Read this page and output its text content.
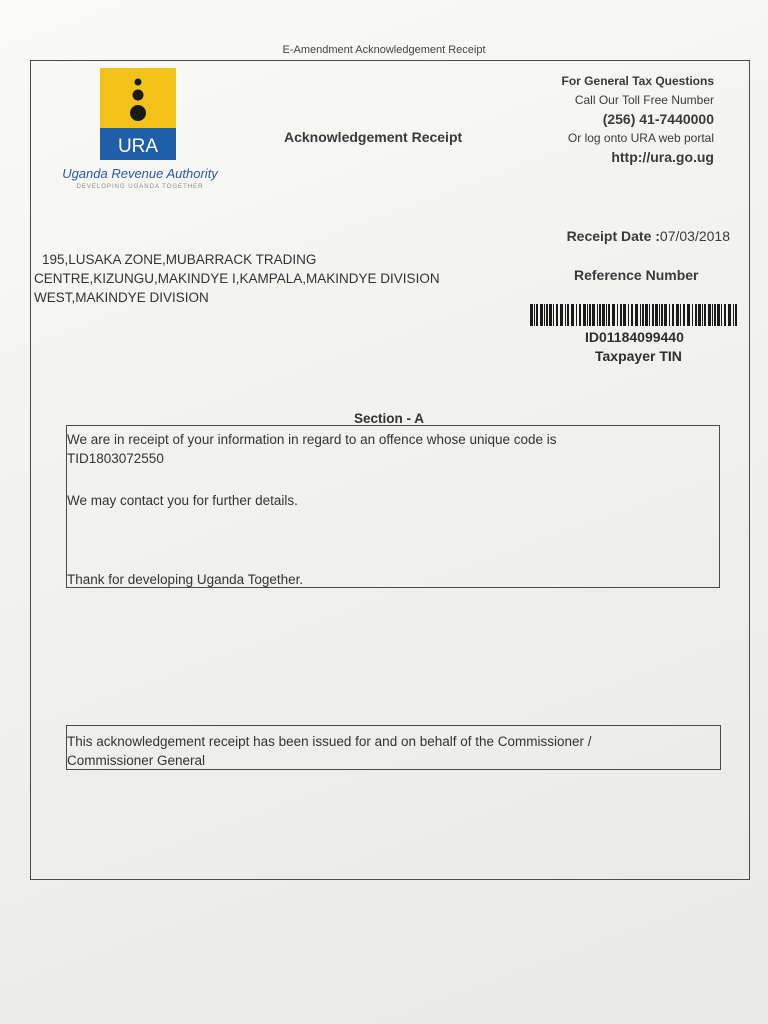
E-Amendment Acknowledgement Receipt
URA
Uganda Revenue Authority
DEVELOPING UGANDA TOGETHER
Acknowledgement Receipt
For General Tax Questions
Call Our Toll Free Number
(256) 41-7440000
Or log onto URA web portal
http://ura.go.ug
195,LUSAKA ZONE,MUBARRACK TRADING
CENTRE,KIZUNGU,MAKINDYE I,KAMPALA,MAKINDYE DIVISION
WEST,MAKINDYE DIVISION
Receipt Date :07/03/2018
Reference Number
ID01184099440
Taxpayer TIN
Section - A
We are in receipt of your information in regard to an offence whose unique code is
TID1803072550
We may contact you for further details.
Thank for developing Uganda Together.
This acknowledgement receipt has been issued for and on behalf of the Commissioner /
Commissioner General
